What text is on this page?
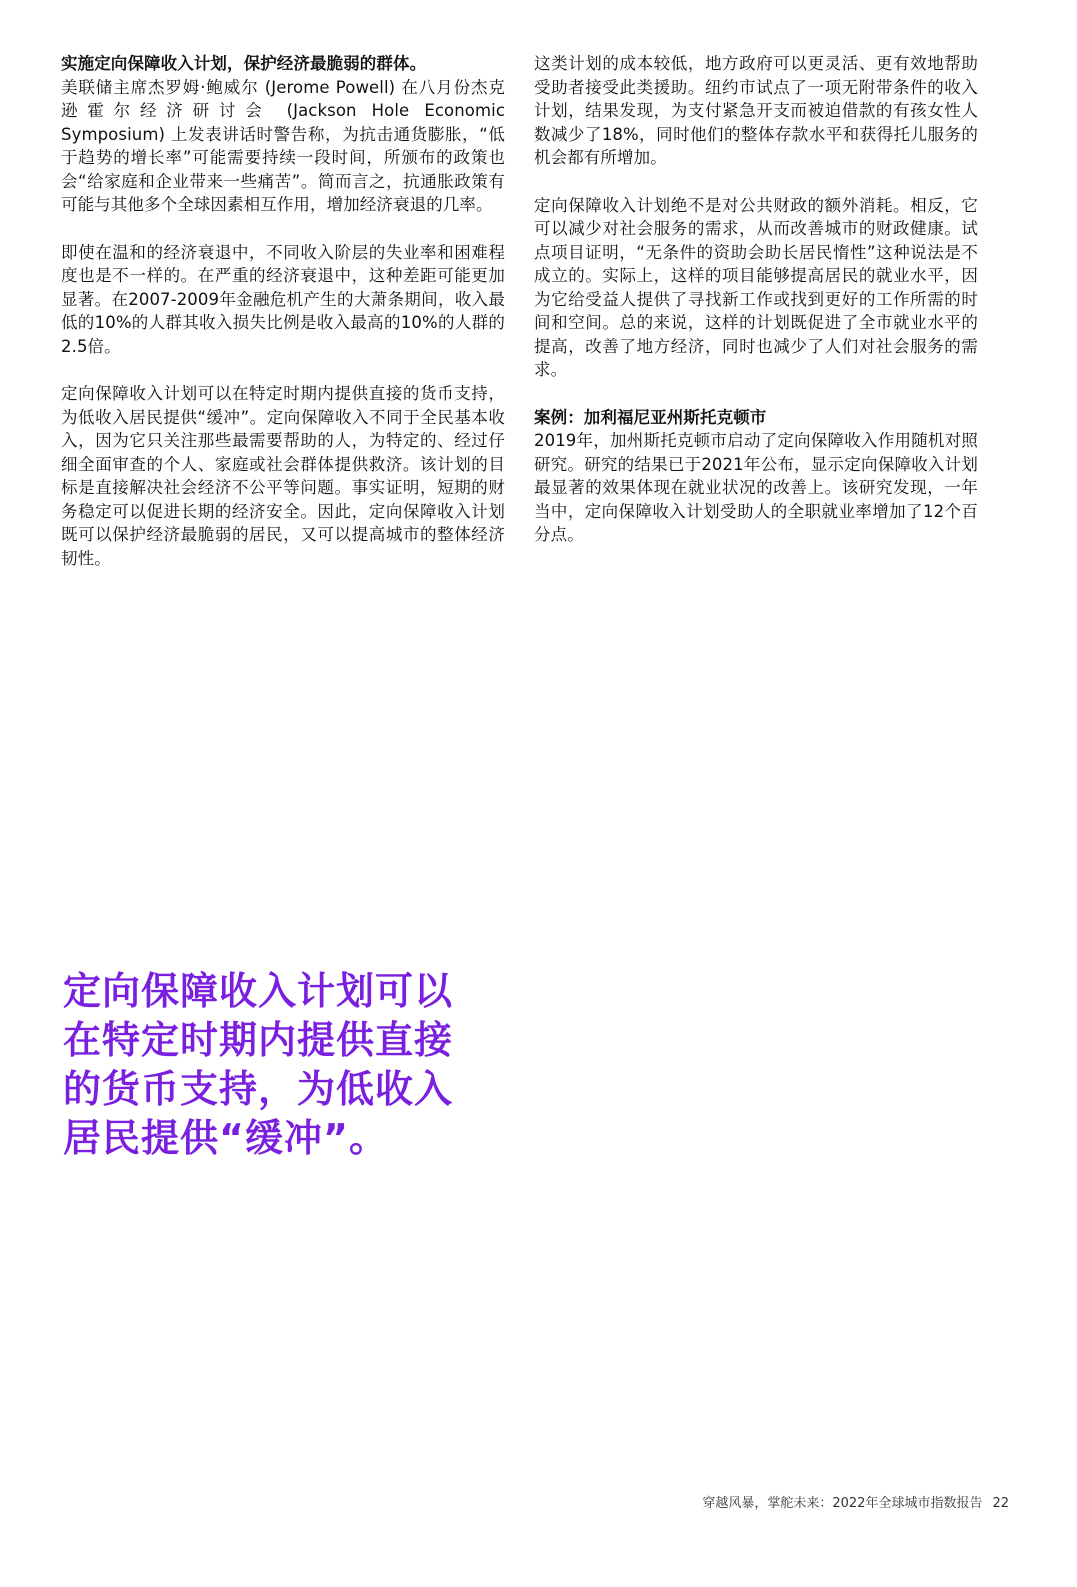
实施定向保障收入计划，保护经济最脆弱的群体。
美联储主席杰罗姆·鲍威尔 (Jerome Powell) 在八月份杰克逊霍尔经济研讨会 (Jackson Hole Economic Symposium) 上发表讲话时警告称，为抗击通货膨胀，“低于趋势的增长率”可能需要持续一段时间，所颁布的政策也会“给家庭和企业带来一些痛苦”。简而言之，抗通胀政策有可能与其他多个全球因素相互作用，增加经济衰退的几率。

即使在温和的经济衰退中，不同收入阶层的失业率和困难程度也是不一样的。在严重的经济衰退中，这种差距可能更加显著。在2007-2009年金融危机产生的大萧条期间，收入最低的10%的人群其收入损失比例是收入最高的10%的人群的2.5倍。

定向保障收入计划可以在特定时期内提供直接的货币支持，为低收入居民提供“缓冲”。定向保障收入不同于全民基本收入，因为它只关注那些最需要帮助的人，为特定的、经过仔细全面审查的个人、家庭或社会群体提供救济。该计划的目标是直接解决社会经济不公平等问题。事实证明，短期的财务稳定可以促进长期的经济安全。因此，定向保障收入计划既可以保护经济最脆弱的居民，又可以提高城市的整体经济韧性。

这类计划的成本较低，地方政府可以更灵活、更有效地帮助受助者接受此类援助。纽约市试点了一项无附带条件的收入计划，结果发现，为支付紧急开支而被迫借款的有孩女性人数减少了18%，同时他们的整体存款水平和获得托儿服务的机会都有所增加。

定向保障收入计划绝不是对公共财政的额外消耗。相反，它可以减少对社会服务的需求，从而改善城市的财政健康。试点项目证明，“无条件的资助会助长居民惰性”这种说法是不成立的。实际上，这样的项目能够提高居民的就业水平，因为它给受益人提供了寻找新工作或找到更好的工作所需的时间和空间。总的来说，这样的计划既促进了全市就业水平的提高，改善了地方经济，同时也减少了人们对社会服务的需求。

案例：加利福尼亚州斯托克顿市
2019年，加州斯托克顿市启动了定向保障收入作用随机对照研究。研究的结果已于2021年公布，显示定向保障收入计划最显著的效果体现在就业状况的改善上。该研究发现，一年当中，定向保障收入计划受助人的全职就业率增加了12个百分点。

定向保障收入计划可以在特定时期内提供直接的货币支持，为低收入居民提供“缓冲”。

穿越风暴，掌舵未来：2022年全球城市指数报告 22
